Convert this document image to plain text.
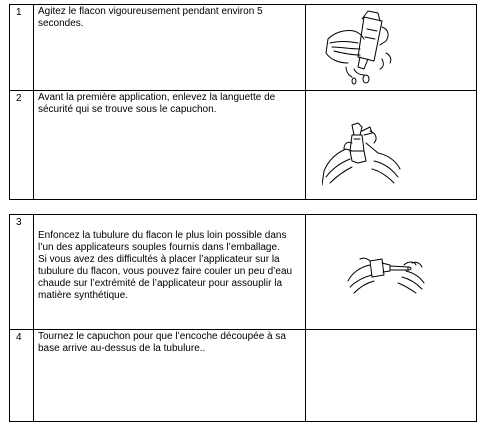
1	Agitez le flacon vigoureusement pendant environ 5 secondes.	

2	Avant la première application, enlevez la languette de sécurité qui se trouve sous le capuchon.	
3	Enfoncez la tubulure du flacon le plus loin possible dans l’un des applicateurs souples fournis dans l’emballage.
Si vous avez des difficultés à placer l’applicateur sur la tubulure du flacon, vous pouvez faire couler un peu d’eau chaude sur l’extrémité de l’applicateur pour assouplir la matière synthétique.

4	Tournez le capuchon pour que l’encoche découpée à sa base arrive au-dessus de la tubulure..	
